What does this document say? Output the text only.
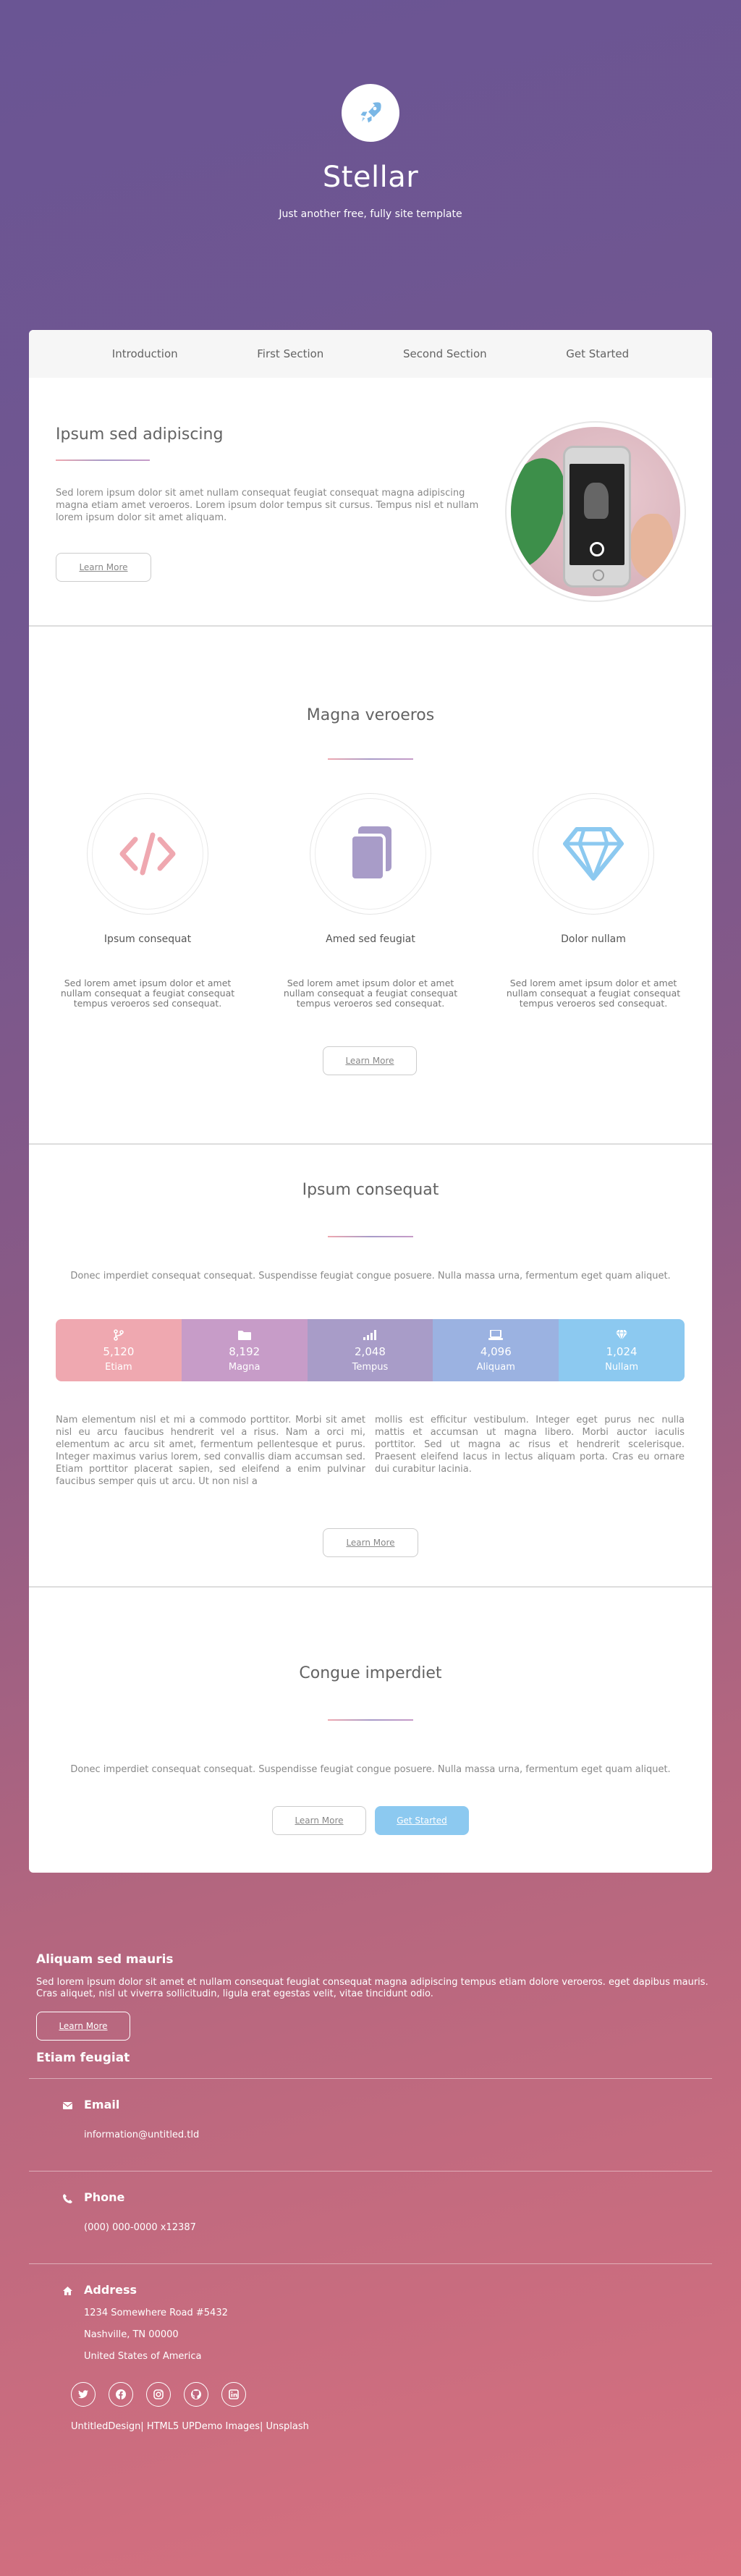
Stellar

Just another free, fully site template

Introduction	First Section	Second Section	Get Started
Ipsum sed adipiscing

Sed lorem ipsum dolor sit amet nullam consequat feugiat consequat magna adipiscing magna etiam amet veroeros. Lorem ipsum dolor tempus sit cursus. Tempus nisl et nullam lorem ipsum dolor sit amet aliquam.

Learn More
Magna veroeros
Ipsum consequat
Sed lorem amet ipsum dolor et amet nullam consequat a feugiat consequat tempus veroeros sed consequat.
Amed sed feugiat
Sed lorem amet ipsum dolor et amet nullam consequat a feugiat consequat tempus veroeros sed consequat.
Dolor nullam
Sed lorem amet ipsum dolor et amet nullam consequat a feugiat consequat tempus veroeros sed consequat.
Learn More
Ipsum consequat

Donec imperdiet consequat consequat. Suspendisse feugiat congue posuere. Nulla massa urna, fermentum eget quam aliquet.

5,120
Etiam
8,192
Magna
2,048
Tempus
4,096
Aliquam
1,024
Nullam

Nam elementum nisl et mi a commodo porttitor. Morbi sit amet nisl eu arcu faucibus hendrerit vel a risus. Nam a orci mi, elementum ac arcu sit amet, fermentum pellentesque et purus. Integer maximus varius lorem, sed convallis diam accumsan sed. Etiam porttitor placerat sapien, sed eleifend a enim pulvinar faucibus semper quis ut arcu. Ut non nisl a

mollis est efficitur vestibulum. Integer eget purus nec nulla mattis et accumsan ut magna libero. Morbi auctor iaculis porttitor. Sed ut magna ac risus et hendrerit scelerisque. Praesent eleifend lacus in lectus aliquam porta. Cras eu ornare dui curabitur lacinia.

Learn More
Congue imperdiet

Donec imperdiet consequat consequat. Suspendisse feugiat congue posuere. Nulla massa urna, fermentum eget quam aliquet.

Learn More	Get Started
Aliquam sed mauris

Sed lorem ipsum dolor sit amet et nullam consequat feugiat consequat magna adipiscing tempus etiam dolore veroeros. eget dapibus mauris. Cras aliquet, nisl ut viverra sollicitudin, ligula erat egestas velit, vitae tincidunt odio.

Learn More
Etiam feugiat
Email
information@untitled.tld
Phone
(000) 000-0000 x12387
Address
1234 Somewhere Road #5432
Nashville, TN 00000
United States of America

UntitledDesign| HTML5 UPDemo Images| Unsplash
